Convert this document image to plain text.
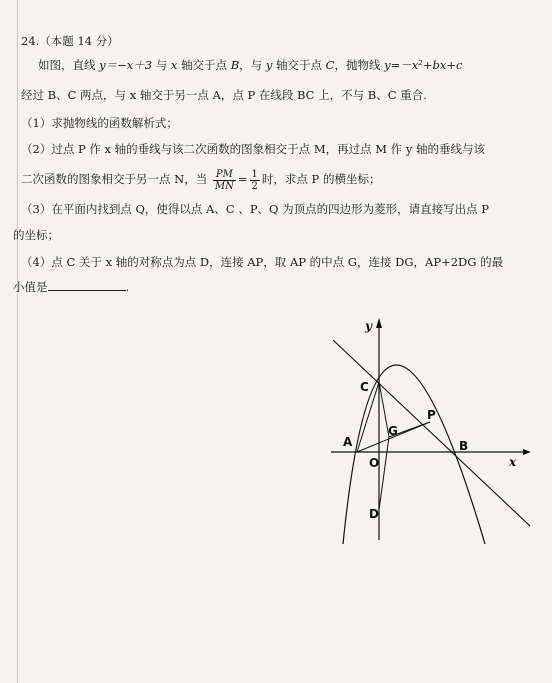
24.（本题 14 分）
如图，直线 y＝−x＋3 与 x 轴交于点 B，与 y 轴交于点 C，抛物线 y=－x²+bx+c
经过 B、C 两点，与 x 轴交于另一点 A，点 P 在线段 BC 上，不与 B、C 重合.
（1）求抛物线的函数解析式；
（2）过点 P 作 x 轴的垂线与该二次函数的图象相交于点 M，再过点 M 作 y 轴的垂线与该
二次函数的图象相交于另一点 N，当 $\frac{PM}{MN} = \frac{1}{2}$ 时，求点 P 的横坐标；
（3）在平面内找到点 Q，使得以点 A、C 、P、Q 为顶点的四边形为菱形，请直接写出点 P
的坐标；
（4）点 C 关于 x 轴的对称点为点 D，连接 AP，取 AP 的中点 G，连接 DG，AP+2DG 的最
小值是	.
y
x
C
P
A
G
B
O
D
